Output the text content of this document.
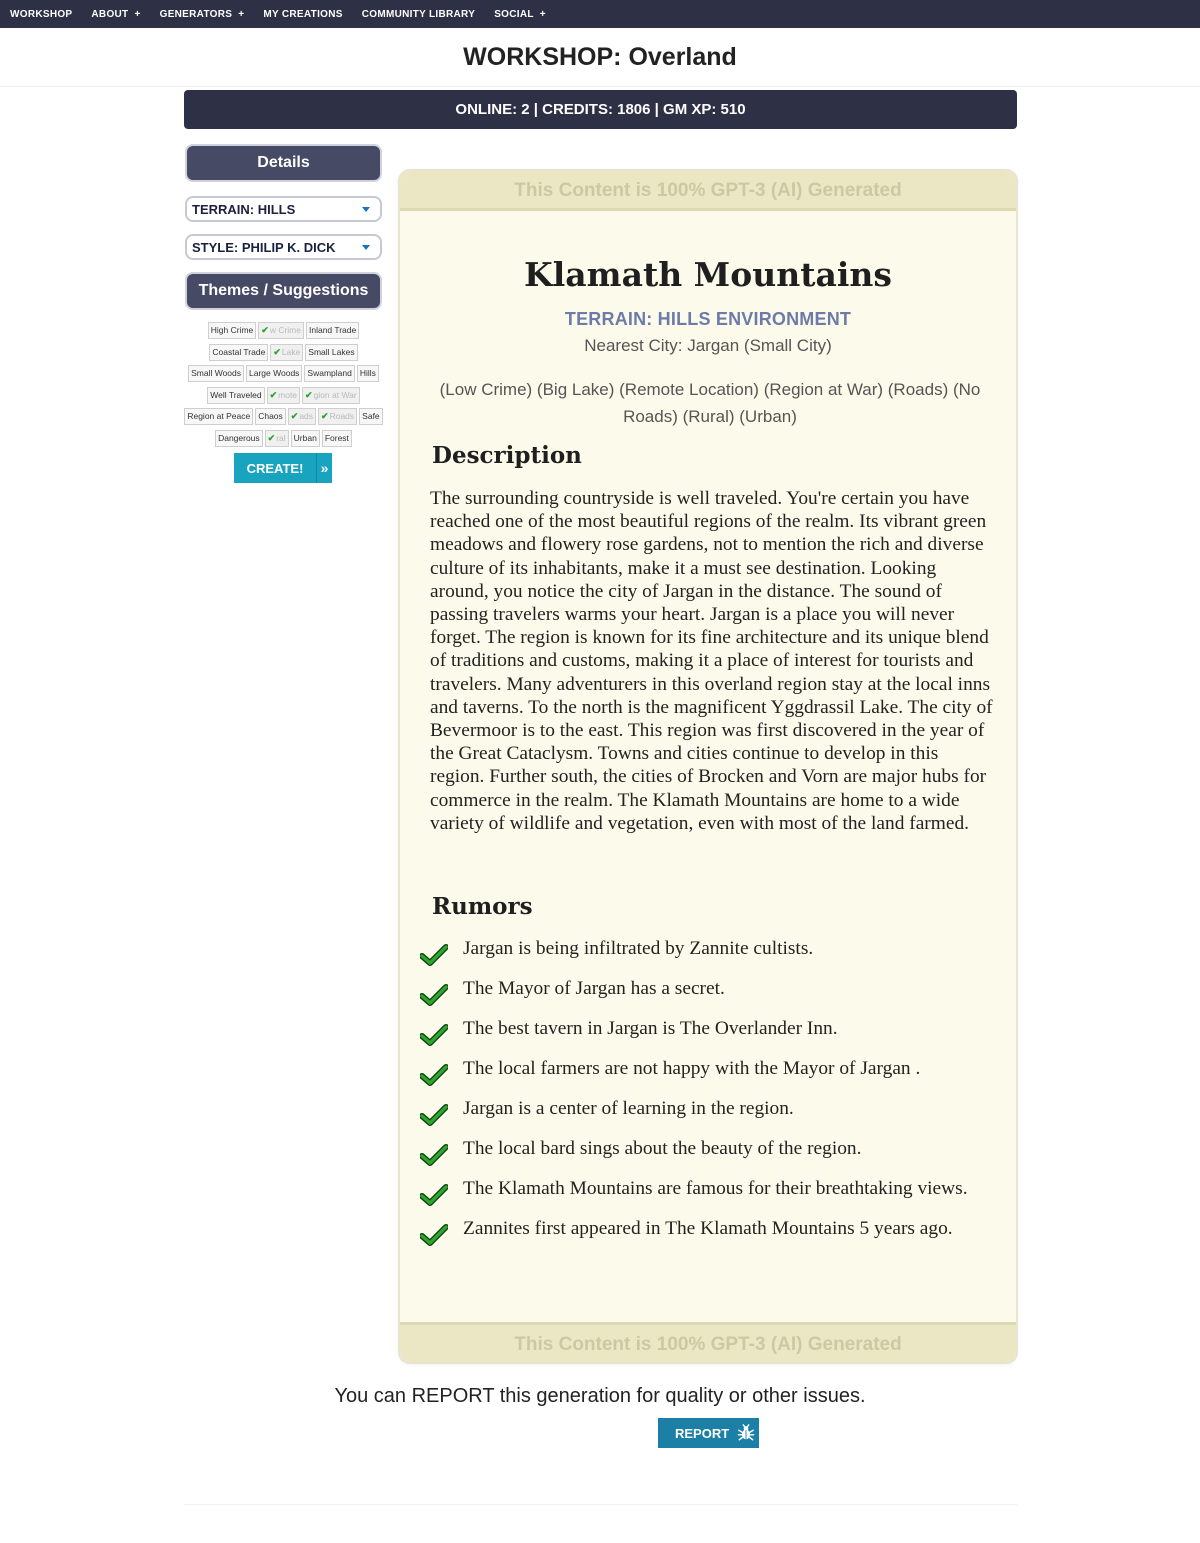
WORKSHOP ABOUT + GENERATORS + MY CREATIONS COMMUNITY LIBRARY SOCIAL +
WORKSHOP: Overland
ONLINE: 2 | CREDITS: 1806 | GM XP: 510
Details
TERRAIN: HILLS
STYLE: PHILIP K. DICK
Themes / Suggestions
High Crime ✔w Crime Inland Trade
Coastal Trade ✔Lake Small Lakes
Small Woods Large Woods Swampland Hills
Well Traveled ✔mote ✔gion at War
Region at Peace Chaos ✔ads ✔Roads Safe
Dangerous ✔ral Urban Forest
CREATE!	»
This Content is 100% GPT-3 (AI) Generated
Klamath Mountains
TERRAIN: HILLS ENVIRONMENT
Nearest City: Jargan (Small City)
(Low Crime) (Big Lake) (Remote Location) (Region at War) (Roads) (No Roads) (Rural) (Urban)
Description
The surrounding countryside is well traveled. You're certain you have reached one of the most beautiful regions of the realm. Its vibrant green meadows and flowery rose gardens, not to mention the rich and diverse culture of its inhabitants, make it a must see destination. Looking around, you notice the city of Jargan in the distance. The sound of passing travelers warms your heart. Jargan is a place you will never forget. The region is known for its fine architecture and its unique blend of traditions and customs, making it a place of interest for tourists and travelers. Many adventurers in this overland region stay at the local inns and taverns. To the north is the magnificent Yggdrassil Lake. The city of Bevermoor is to the east. This region was first discovered in the year of the Great Cataclysm. Towns and cities continue to develop in this region. Further south, the cities of Brocken and Vorn are major hubs for commerce in the realm. The Klamath Mountains are home to a wide variety of wildlife and vegetation, even with most of the land farmed.
Rumors
Jargan is being infiltrated by Zannite cultists.
The Mayor of Jargan has a secret.
The best tavern in Jargan is The Overlander Inn.
The local farmers are not happy with the Mayor of Jargan .
Jargan is a center of learning in the region.
The local bard sings about the beauty of the region.
The Klamath Mountains are famous for their breathtaking views.
Zannites first appeared in The Klamath Mountains 5 years ago.
This Content is 100% GPT-3 (AI) Generated
You can REPORT this generation for quality or other issues.
REPORT
